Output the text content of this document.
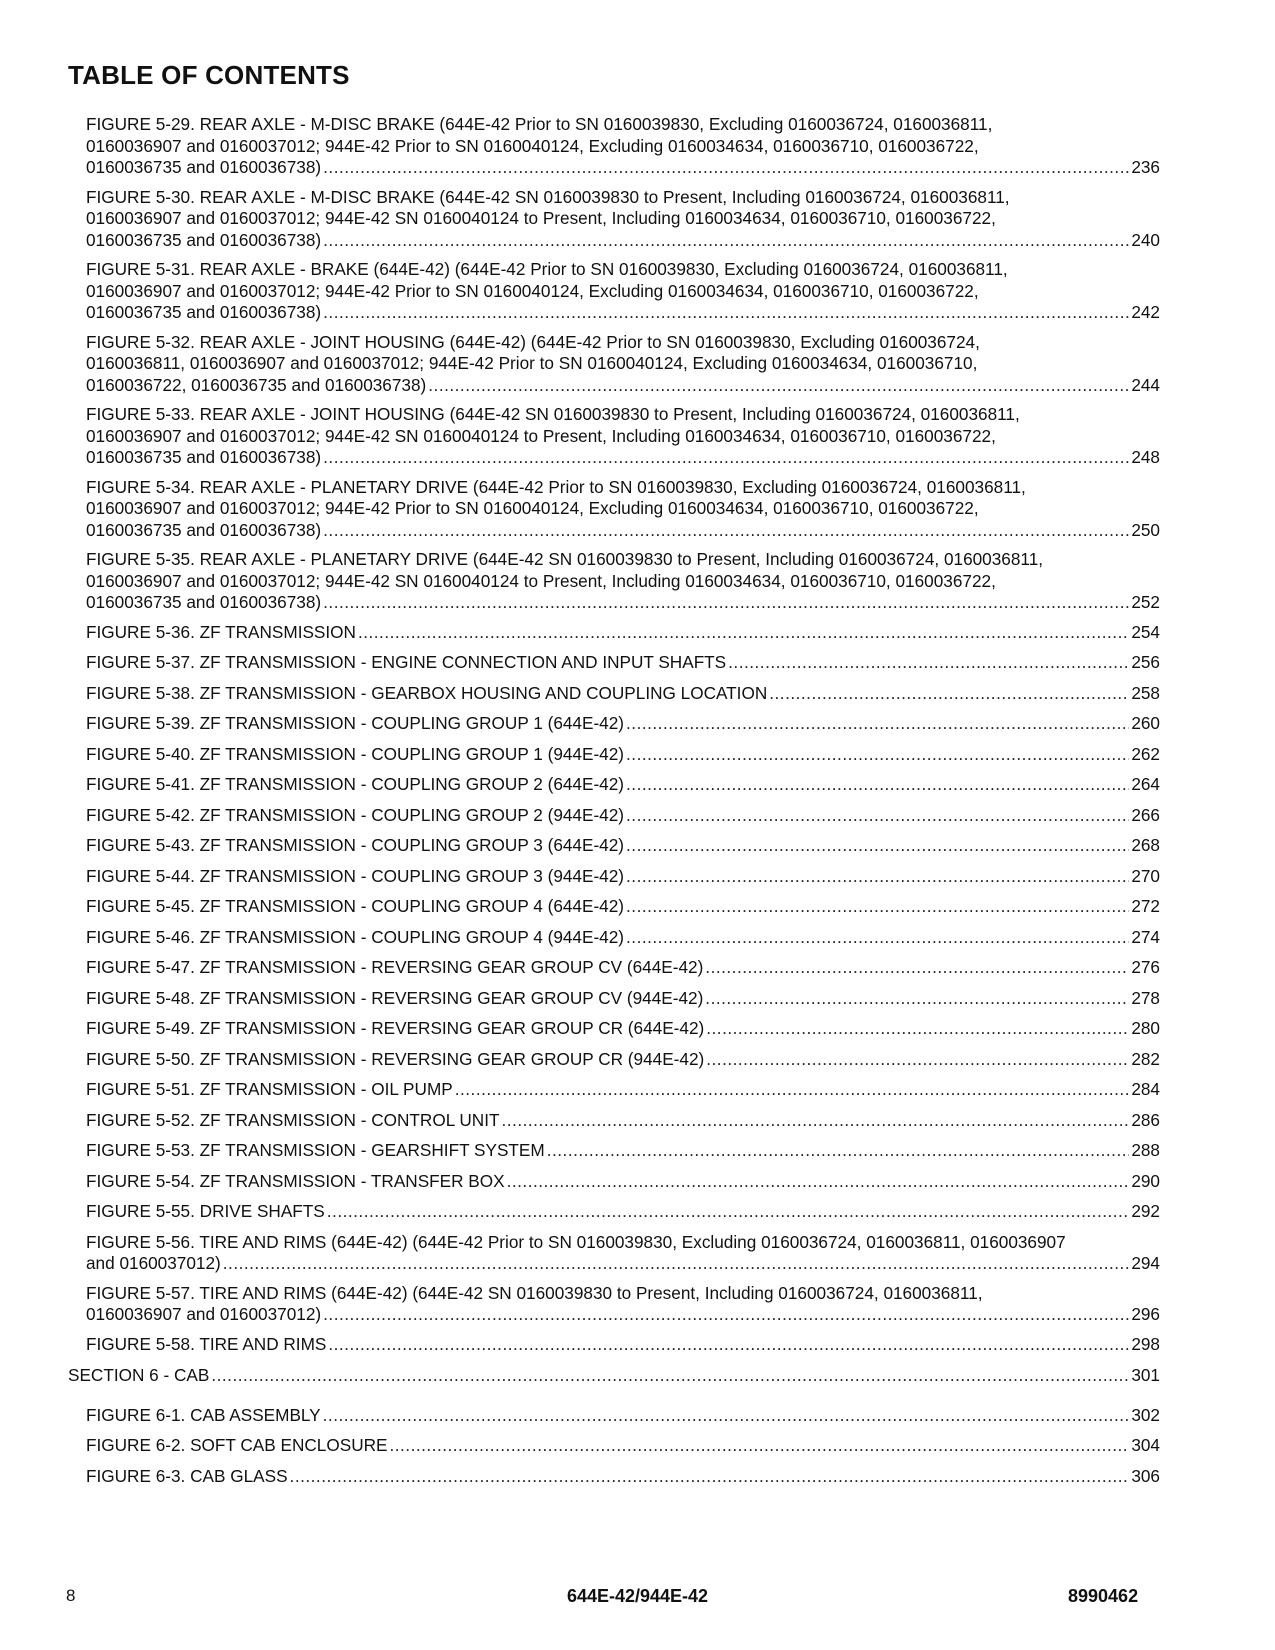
TABLE OF CONTENTS
FIGURE 5-29. REAR AXLE - M-DISC BRAKE (644E-42 Prior to SN 0160039830, Excluding 0160036724, 0160036811,
0160036907 and 0160037012; 944E-42 Prior to SN 0160040124, Excluding 0160034634, 0160036710, 0160036722,
0160036735 and 0160036738) .....	236
FIGURE 5-30. REAR AXLE - M-DISC BRAKE (644E-42 SN 0160039830 to Present, Including 0160036724, 0160036811,
0160036907 and 0160037012; 944E-42 SN 0160040124 to Present, Including 0160034634, 0160036710, 0160036722,
0160036735 and 0160036738) .....	240
FIGURE 5-31. REAR AXLE - BRAKE (644E-42) (644E-42 Prior to SN 0160039830, Excluding 0160036724, 0160036811,
0160036907 and 0160037012; 944E-42 Prior to SN 0160040124, Excluding 0160034634, 0160036710, 0160036722,
0160036735 and 0160036738) .....	242
FIGURE 5-32. REAR AXLE - JOINT HOUSING (644E-42) (644E-42 Prior to SN 0160039830, Excluding 0160036724,
0160036811, 0160036907 and 0160037012; 944E-42 Prior to SN 0160040124, Excluding 0160034634, 0160036710,
0160036722, 0160036735 and 0160036738) .....	244
FIGURE 5-33. REAR AXLE - JOINT HOUSING (644E-42 SN 0160039830 to Present, Including 0160036724, 0160036811,
0160036907 and 0160037012; 944E-42 SN 0160040124 to Present, Including 0160034634, 0160036710, 0160036722,
0160036735 and 0160036738) .....	248
FIGURE 5-34. REAR AXLE - PLANETARY DRIVE (644E-42 Prior to SN 0160039830, Excluding 0160036724, 0160036811,
0160036907 and 0160037012; 944E-42 Prior to SN 0160040124, Excluding 0160034634, 0160036710, 0160036722,
0160036735 and 0160036738) .....	250
FIGURE 5-35. REAR AXLE - PLANETARY DRIVE (644E-42 SN 0160039830 to Present, Including 0160036724, 0160036811,
0160036907 and 0160037012; 944E-42 SN 0160040124 to Present, Including 0160034634, 0160036710, 0160036722,
0160036735 and 0160036738) .....	252
FIGURE 5-36. ZF TRANSMISSION .....	254
FIGURE 5-37. ZF TRANSMISSION - ENGINE CONNECTION AND INPUT SHAFTS .....	256
FIGURE 5-38. ZF TRANSMISSION - GEARBOX HOUSING AND COUPLING LOCATION .....	258
FIGURE 5-39. ZF TRANSMISSION - COUPLING GROUP 1 (644E-42) .....	260
FIGURE 5-40. ZF TRANSMISSION - COUPLING GROUP 1 (944E-42) .....	262
FIGURE 5-41. ZF TRANSMISSION - COUPLING GROUP 2 (644E-42) .....	264
FIGURE 5-42. ZF TRANSMISSION - COUPLING GROUP 2 (944E-42) .....	266
FIGURE 5-43. ZF TRANSMISSION - COUPLING GROUP 3 (644E-42) .....	268
FIGURE 5-44. ZF TRANSMISSION - COUPLING GROUP 3 (944E-42) .....	270
FIGURE 5-45. ZF TRANSMISSION - COUPLING GROUP 4 (644E-42) .....	272
FIGURE 5-46. ZF TRANSMISSION - COUPLING GROUP 4 (944E-42) .....	274
FIGURE 5-47. ZF TRANSMISSION - REVERSING GEAR GROUP CV (644E-42) .....	276
FIGURE 5-48. ZF TRANSMISSION - REVERSING GEAR GROUP CV (944E-42) .....	278
FIGURE 5-49. ZF TRANSMISSION - REVERSING GEAR GROUP CR (644E-42) .....	280
FIGURE 5-50. ZF TRANSMISSION - REVERSING GEAR GROUP CR (944E-42) .....	282
FIGURE 5-51. ZF TRANSMISSION - OIL PUMP .....	284
FIGURE 5-52. ZF TRANSMISSION - CONTROL UNIT .....	286
FIGURE 5-53. ZF TRANSMISSION - GEARSHIFT SYSTEM .....	288
FIGURE 5-54. ZF TRANSMISSION - TRANSFER BOX .....	290
FIGURE 5-55. DRIVE SHAFTS .....	292
FIGURE 5-56. TIRE AND RIMS (644E-42) (644E-42 Prior to SN 0160039830, Excluding 0160036724, 0160036811, 0160036907
and 0160037012) .....	294
FIGURE 5-57. TIRE AND RIMS (644E-42) (644E-42 SN 0160039830 to Present, Including 0160036724, 0160036811,
0160036907 and 0160037012) .....	296
FIGURE 5-58. TIRE AND RIMS .....	298
SECTION 6 - CAB .....	301
FIGURE 6-1. CAB ASSEMBLY .....	302
FIGURE 6-2. SOFT CAB ENCLOSURE .....	304
FIGURE 6-3. CAB GLASS .....	306
8	644E-42/944E-42	8990462
